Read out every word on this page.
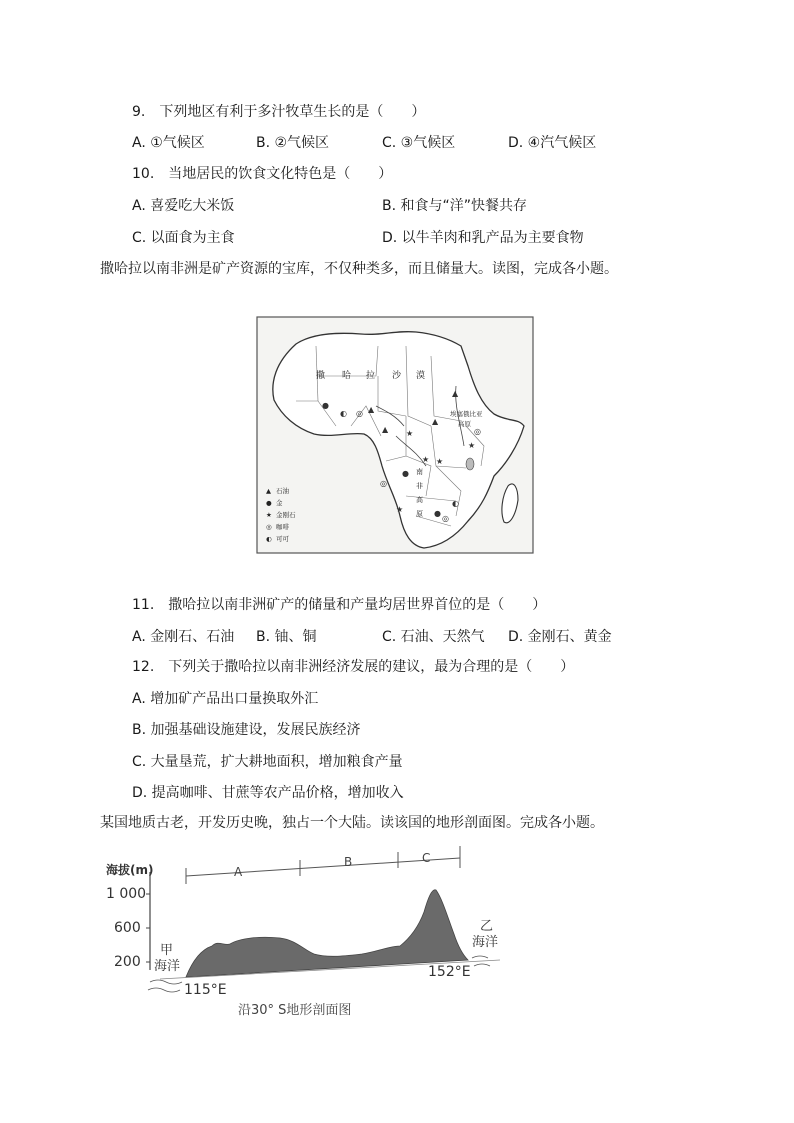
9.　下列地区有利于多汁牧草生长的是（　　）
A. ①气候区	B. ②气候区	C. ③气候区	D. ④汽气候区
10.　当地居民的饮食文化特色是（　　）
A. 喜爱吃大米饭	B. 和食与“洋”快餐共存
C. 以面食为主食	D. 以牛羊肉和乳产品为主要食物
撒哈拉以南非洲是矿产资源的宝库，不仅种类多，而且储量大。读图，完成各小题。
撒 哈 拉 沙 漠
埃塞俄比亚
高原
南
非
高
原
▲
▲
▲
▲
●
◐ ◎
★
★ ★
★
◎
●
●
★
◎
◐
◎
▲ 石油
● 金
★ 金刚石
◎ 咖啡
◐ 可可
11.　撒哈拉以南非洲矿产的储量和产量均居世界首位的是（　　）
A. 金刚石、石油 B. 铀、铜	C. 石油、天然气 D. 金刚石、黄金
12.　下列关于撒哈拉以南非洲经济发展的建议，最为合理的是（　　）
A. 增加矿产品出口量换取外汇
B. 加强基础设施建设，发展民族经济
C. 大量垦荒，扩大耕地面积，增加粮食产量
D. 提高咖啡、甘蔗等农产品价格，增加收入
某国地质古老，开发历史晚，独占一个大陆。读该国的地形剖面图。完成各小题。
海拔(m)
1 000
600
200
A
B	C
甲
海洋
乙
海洋
115°E
152°E
沿30° S地形剖面图
